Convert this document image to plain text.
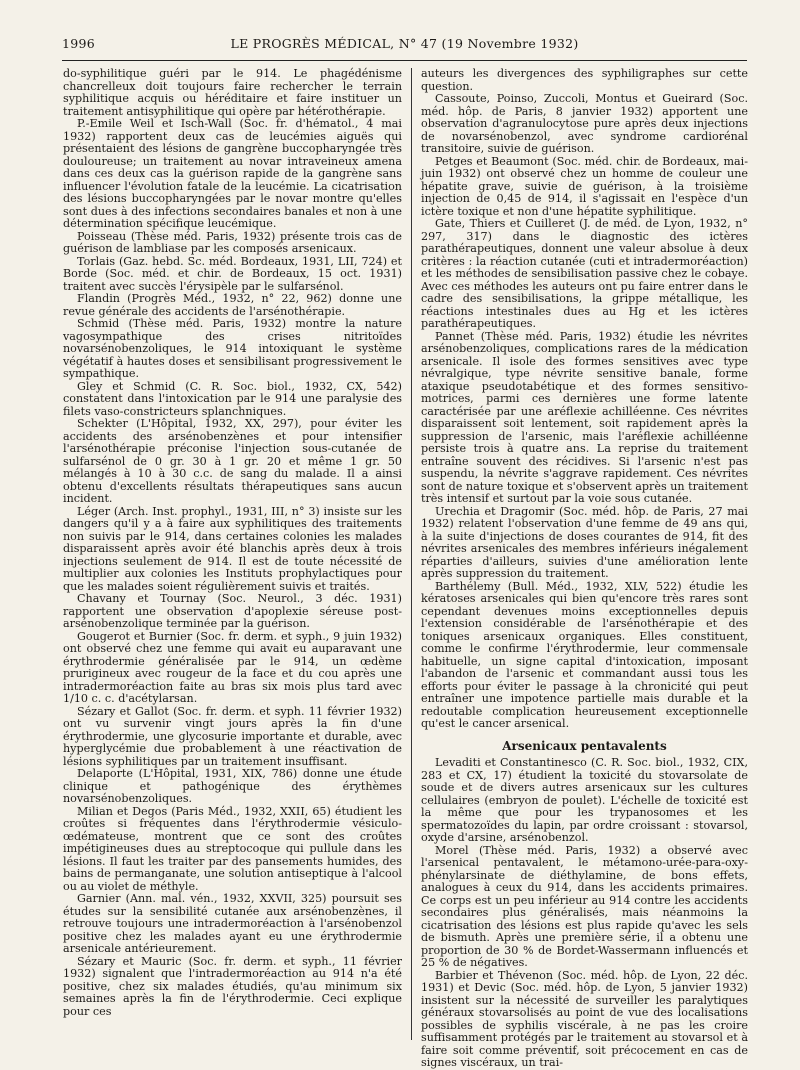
1996	LE PROGRÈS MÉDICAL, N° 47 (19 Novembre 1932)

do-syphilitique guéri par le 914. Le phagédénisme chancrelleux doit toujours faire rechercher le terrain syphilitique acquis ou héréditaire et faire instituer un traitement antisyphilitique qui opère par hétérothérapie.

P.-Emile Weil et Isch-Wall (Soc. fr. d'hématol., 4 mai 1932) rapportent deux cas de leucémies aiguës qui présentaient des lésions de gangrène buccopharyngée très douloureuse; un traitement au novar intraveineux amena dans ces deux cas la guérison rapide de la gangrène sans influencer l'évolution fatale de la leucémie. La cicatrisation des lésions buccopharyngées par le novar montre qu'elles sont dues à des infections secondaires banales et non à une détermination spécifique leucémique.

Poisseau (Thèse méd. Paris, 1932) présente trois cas de guérison de lambliase par les composés arsenicaux.

Torlais (Gaz. hebd. Sc. méd. Bordeaux, 1931, LII, 724) et Borde (Soc. méd. et chir. de Bordeaux, 15 oct. 1931) traitent avec succès l'érysipèle par le sulfarsénol.

Flandin (Progrès Méd., 1932, n° 22, 962) donne une revue générale des accidents de l'arsénothérapie.

Schmid (Thèse méd. Paris, 1932) montre la nature vagosympathique des crises nitritoïdes novarsénobenzoliques, le 914 intoxiquant le système végétatif à hautes doses et sensibilisant progressivement le sympathique.

Gley et Schmid (C. R. Soc. biol., 1932, CX, 542) constatent dans l'intoxication par le 914 une paralysie des filets vaso-constricteurs splanchniques.

Schekter (L'Hôpital, 1932, XX, 297), pour éviter les accidents des arsénobenzènes et pour intensifier l'arsénothérapie préconise l'injection sous-cutanée de sulfarsénol de 0 gr. 30 à 1 gr. 20 et même 1 gr. 50 mélangés à 10 à 30 c.c. de sang du malade. Il a ainsi obtenu d'excellents résultats thérapeutiques sans aucun incident.

Léger (Arch. Inst. prophyl., 1931, III, n° 3) insiste sur les dangers qu'il y a à faire aux syphilitiques des traitements non suivis par le 914, dans certaines colonies les malades disparaissent après avoir été blanchis après deux à trois injections seulement de 914. Il est de toute nécessité de multiplier aux colonies les Instituts prophylactiques pour que les malades soient régulièrement suivis et traités.

Chavany et Tournay (Soc. Neurol., 3 déc. 1931) rapportent une observation d'apoplexie séreuse post-arsénobenzolique terminée par la guérison.

Gougerot et Burnier (Soc. fr. derm. et syph., 9 juin 1932) ont observé chez une femme qui avait eu auparavant une érythrodermie généralisée par le 914, un œdème prurigineux avec rougeur de la face et du cou après une intradermoréaction faite au bras six mois plus tard avec 1/10 c. c. d'acétylarsan.

Sézary et Gallot (Soc. fr. derm. et syph. 11 février 1932) ont vu survenir vingt jours après la fin d'une érythrodermie, une glycosurie importante et durable, avec hyperglycémie due probablement à une réactivation de lésions syphilitiques par un traitement insuffisant.

Delaporte (L'Hôpital, 1931, XIX, 786) donne une étude clinique et pathogénique des érythèmes novarsénobenzoliques.

Milian et Degos (Paris Méd., 1932, XXII, 65) étudient les croûtes si fréquentes dans l'érythrodermie vésiculo-œdémateuse, montrent que ce sont des croûtes impétigineuses dues au streptocoque qui pullule dans les lésions. Il faut les traiter par des pansements humides, des bains de permanganate, une solution antiseptique à l'alcool ou au violet de méthyle.

Garnier (Ann. mal. vén., 1932, XXVII, 325) poursuit ses études sur la sensibilité cutanée aux arsénobenzènes, il retrouve toujours une intradermoréaction à l'arsénobenzol positive chez les malades ayant eu une érythrodermie arsenicale antérieurement.

Sézary et Mauric (Soc. fr. derm. et syph., 11 février 1932) signalent que l'intradermoréaction au 914 n'a été positive, chez six malades étudiés, qu'au minimum six semaines après la fin de l'érythrodermie. Ceci explique pour ces

auteurs les divergences des syphiligraphes sur cette question.

Cassoute, Poinso, Zuccoli, Montus et Gueirard (Soc. méd. hôp. de Paris, 8 janvier 1932) apportent une observation d'agranulocytose pure après deux injections de novarsénobenzol, avec syndrome cardiorénal transitoire, suivie de guérison.

Petges et Beaumont (Soc. méd. chir. de Bordeaux, mai-juin 1932) ont observé chez un homme de couleur une hépatite grave, suivie de guérison, à la troisième injection de 0,45 de 914, il s'agissait en l'espèce d'un ictère toxique et non d'une hépatite syphilitique.

Gate, Thiers et Cuilleret (J. de méd. de Lyon, 1932, n° 297, 317) dans le diagnostic des ictères parathérapeutiques, donnent une valeur absolue à deux critères : la réaction cutanée (cuti et intradermoréaction) et les méthodes de sensibilisation passive chez le cobaye. Avec ces méthodes les auteurs ont pu faire entrer dans le cadre des sensibilisations, la grippe métallique, les réactions intestinales dues au Hg et les ictères parathérapeutiques.

Pannet (Thèse méd. Paris, 1932) étudie les névrites arsénobenzoliques, complications rares de la médication arsenicale. Il isole des formes sensitives avec type névralgique, type névrite sensitive banale, forme ataxique pseudotabétique et des formes sensitivo-motrices, parmi ces dernières une forme latente caractérisée par une aréflexie achilléenne. Ces névrites disparaissent soit lentement, soit rapidement après la suppression de l'arsenic, mais l'aréflexie achilléenne persiste trois à quatre ans. La reprise du traitement entraîne souvent des récidives. Si l'arsenic n'est pas suspendu, la névrite s'aggrave rapidement. Ces névrites sont de nature toxique et s'observent après un traitement très intensif et surtout par la voie sous cutanée.

Urechia et Dragomir (Soc. méd. hôp. de Paris, 27 mai 1932) relatent l'observation d'une femme de 49 ans qui, à la suite d'injections de doses courantes de 914, fit des névrites arsenicales des membres inférieurs inégalement réparties d'ailleurs, suivies d'une amélioration lente après suppression du traitement.

Barthélemy (Bull. Méd., 1932, XLV, 522) étudie les kératoses arsenicales qui bien qu'encore très rares sont cependant devenues moins exceptionnelles depuis l'extension considérable de l'arsénothérapie et des toniques arsenicaux organiques. Elles constituent, comme le confirme l'érythrodermie, leur commensale habituelle, un signe capital d'intoxication, imposant l'abandon de l'arsenic et commandant aussi tous les efforts pour éviter le passage à la chronicité qui peut entraîner une impotence partielle mais durable et la redoutable complication heureusement exceptionnelle qu'est le cancer arsenical.

Arsenicaux pentavalents

Levaditi et Constantinesco (C. R. Soc. biol., 1932, CIX, 283 et CX, 17) étudient la toxicité du stovarsolate de soude et de divers autres arsenicaux sur les cultures cellulaires (embryon de poulet). L'échelle de toxicité est la même que pour les trypanosomes et les spermatozoïdes du lapin, par ordre croissant : stovarsol, oxyde d'arsine, arsénobenzol.

Morel (Thèse méd. Paris, 1932) a observé avec l'arsenical pentavalent, le métamono-urée-para-oxy-phénylarsinate de diéthylamine, de bons effets, analogues à ceux du 914, dans les accidents primaires. Ce corps est un peu inférieur au 914 contre les accidents secondaires plus généralisés, mais néanmoins la cicatrisation des lésions est plus rapide qu'avec les sels de bismuth. Après une première série, il a obtenu une proportion de 30 % de Bordet-Wassermann influencés et 25 % de négatives.

Barbier et Thévenon (Soc. méd. hôp. de Lyon, 22 déc. 1931) et Devic (Soc. méd. hôp. de Lyon, 5 janvier 1932) insistent sur la nécessité de surveiller les paralytiques généraux stovarsolisés au point de vue des localisations possibles de syphilis viscérale, à ne pas les croire suffisamment protégés par le traitement au stovarsol et à faire soit comme préventif, soit précocement en cas de signes viscéraux, un trai-
